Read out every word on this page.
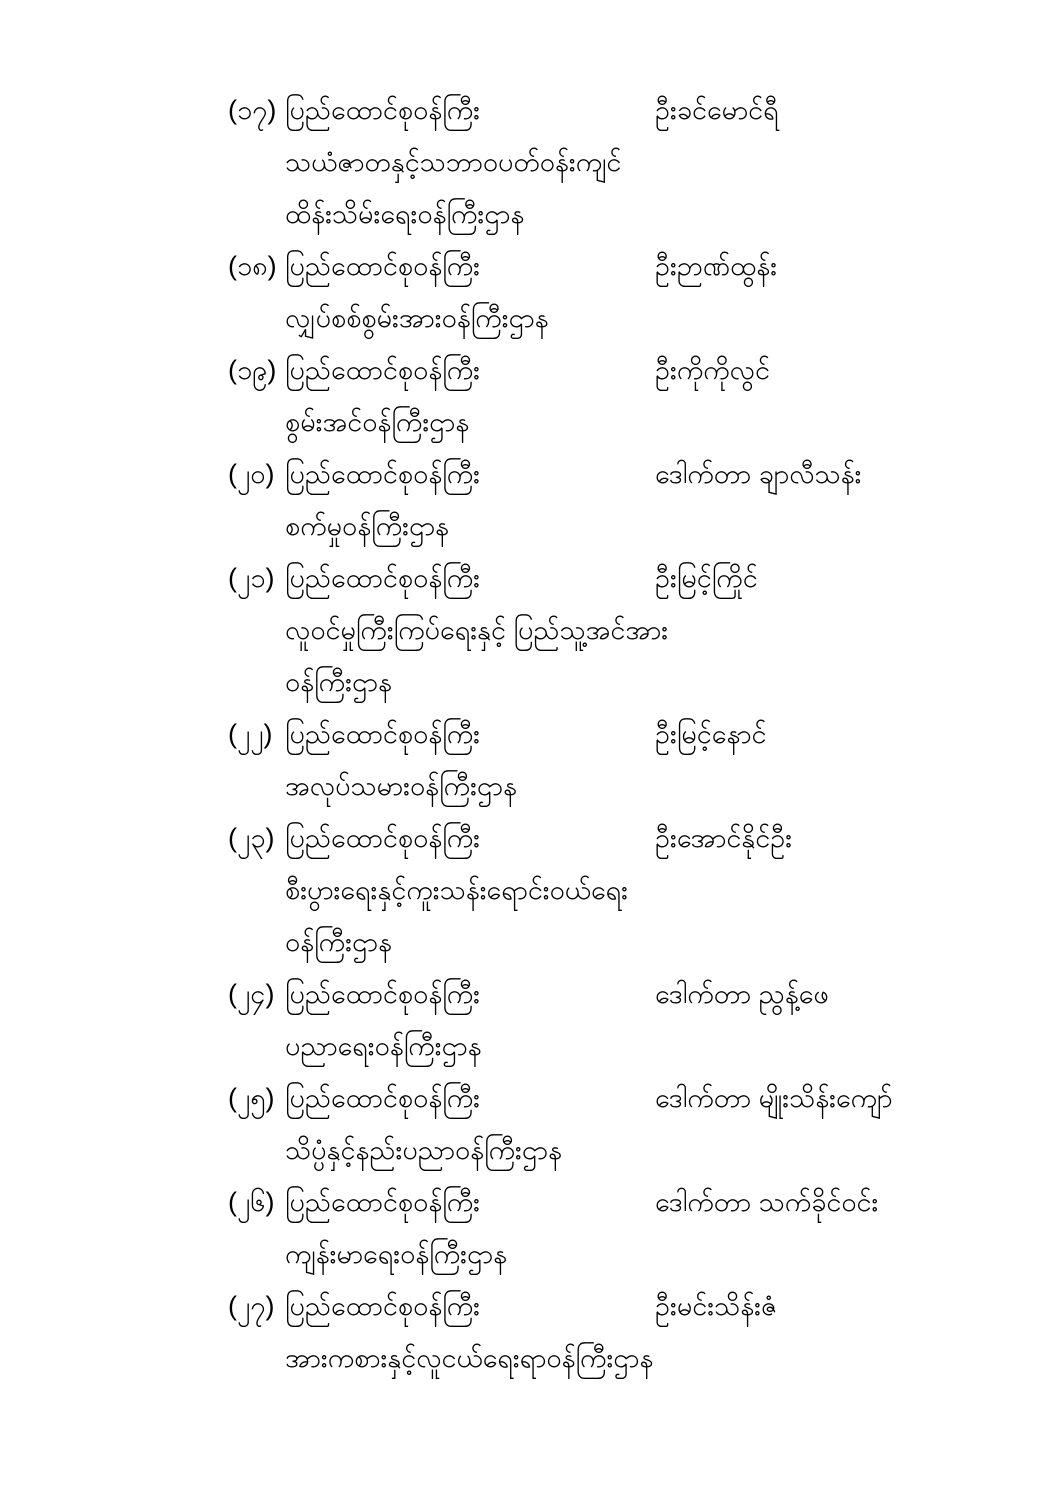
(၁၇) ပြည်ထောင်စုဝန်ကြီး	ဦးခင်မောင်ရီ
သယံဇာတနှင့်သဘာဝပတ်ဝန်းကျင်
ထိန်းသိမ်းရေးဝန်ကြီးဌာန
(၁၈) ပြည်ထောင်စုဝန်ကြီး	ဦးဉာဏ်ထွန်း
လျှပ်စစ်စွမ်းအားဝန်ကြီးဌာန
(၁၉) ပြည်ထောင်စုဝန်ကြီး	ဦးကိုကိုလွင်
စွမ်းအင်ဝန်ကြီးဌာန
(၂၀) ပြည်ထောင်စုဝန်ကြီး	ဒေါက်တာ ချာလီသန်း
စက်မှုဝန်ကြီးဌာန
(၂၁) ပြည်ထောင်စုဝန်ကြီး	ဦးမြင့်ကြိုင်
လူဝင်မှုကြီးကြပ်ရေးနှင့် ပြည်သူ့အင်အား
ဝန်ကြီးဌာန
(၂၂) ပြည်ထောင်စုဝန်ကြီး	ဦးမြင့်နောင်
အလုပ်သမားဝန်ကြီးဌာန
(၂၃) ပြည်ထောင်စုဝန်ကြီး	ဦးအောင်နိုင်ဦး
စီးပွားရေးနှင့်ကူးသန်းရောင်းဝယ်ရေး
ဝန်ကြီးဌာန
(၂၄) ပြည်ထောင်စုဝန်ကြီး	ဒေါက်တာ ညွန့်ဖေ
ပညာရေးဝန်ကြီးဌာန
(၂၅) ပြည်ထောင်စုဝန်ကြီး	ဒေါက်တာ မျိုးသိန်းကျော်
သိပ္ပံနှင့်နည်းပညာဝန်ကြီးဌာန
(၂၆) ပြည်ထောင်စုဝန်ကြီး	ဒေါက်တာ သက်ခိုင်ဝင်း
ကျန်းမာရေးဝန်ကြီးဌာန
(၂၇) ပြည်ထောင်စုဝန်ကြီး	ဦးမင်းသိန်းဇံ
အားကစားနှင့်လူငယ်ရေးရာဝန်ကြီးဌာန
